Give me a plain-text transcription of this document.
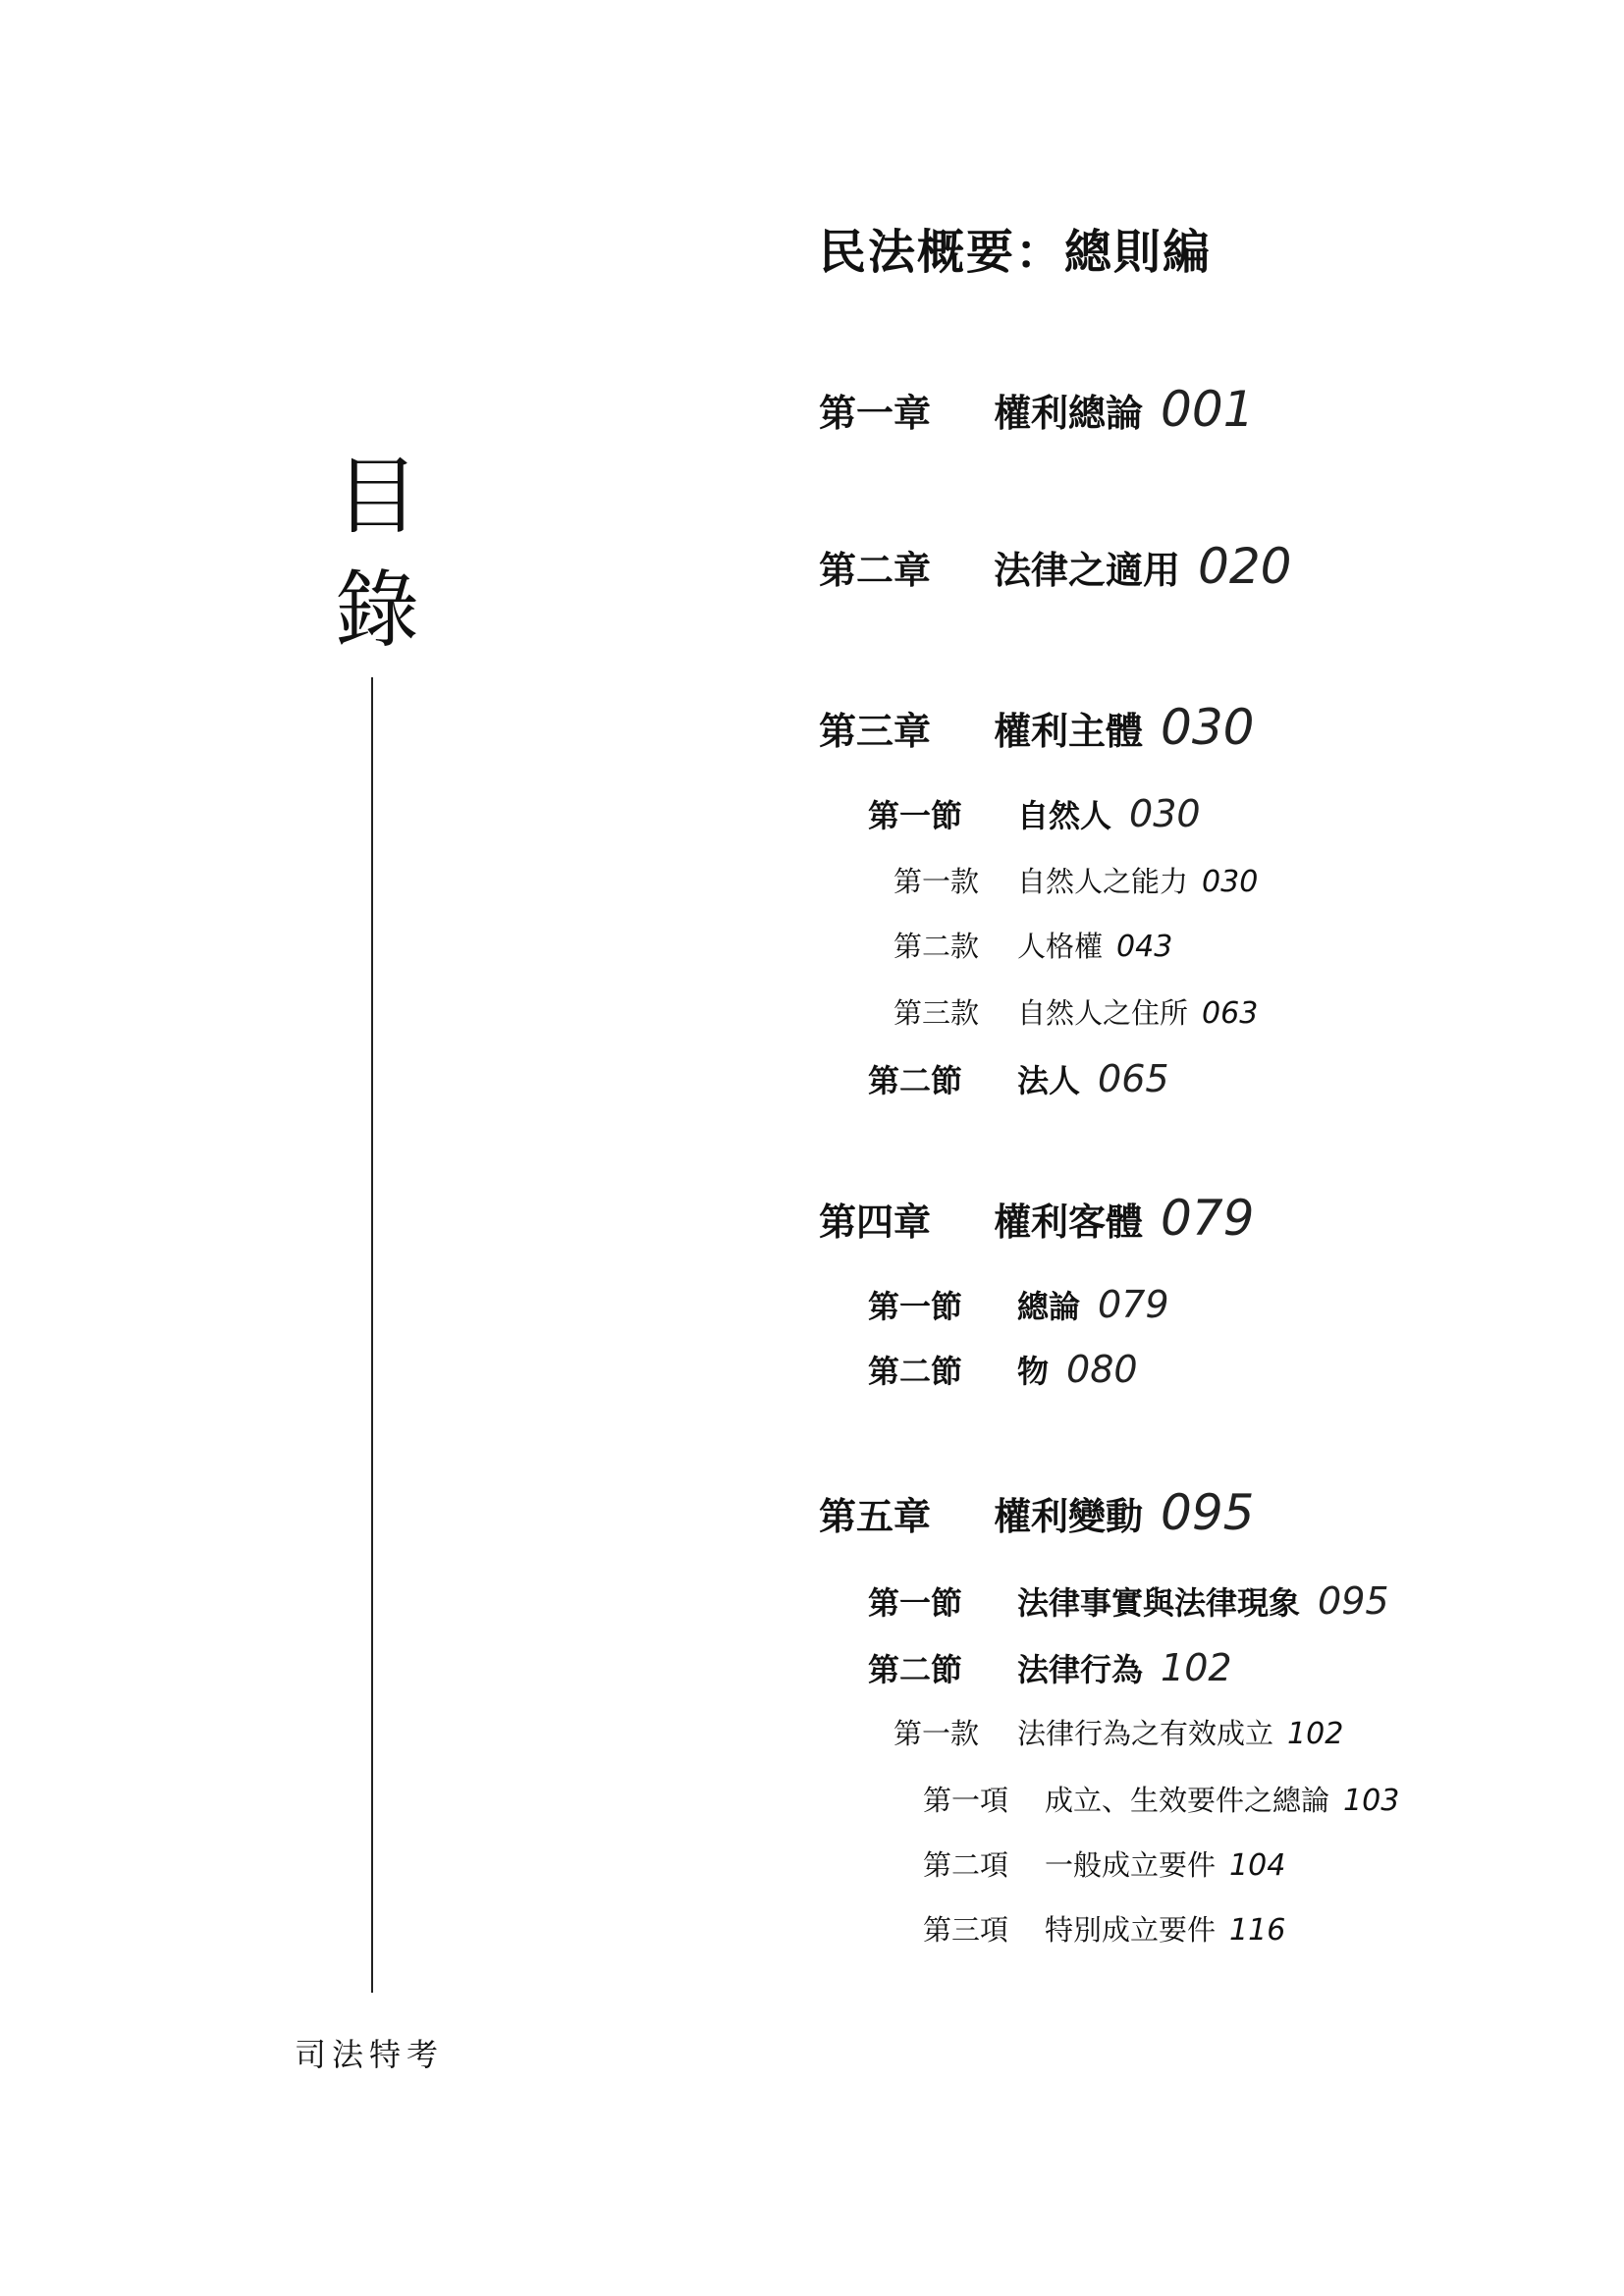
目
錄
司法特考
民法概要：總則編
第一章	權利總論 001
第二章	法律之適用 020
第三章	權利主體 030
第一節	自然人 030
第一款	自然人之能力 030
第二款	人格權 043
第三款	自然人之住所 063
第二節	法人 065
第四章	權利客體 079
第一節	總論 079
第二節	物 080
第五章	權利變動 095
第一節	法律事實與法律現象 095
第二節	法律行為 102
第一款	法律行為之有效成立 102
第一項	成立、生效要件之總論 103
第二項	一般成立要件 104
第三項	特別成立要件 116
